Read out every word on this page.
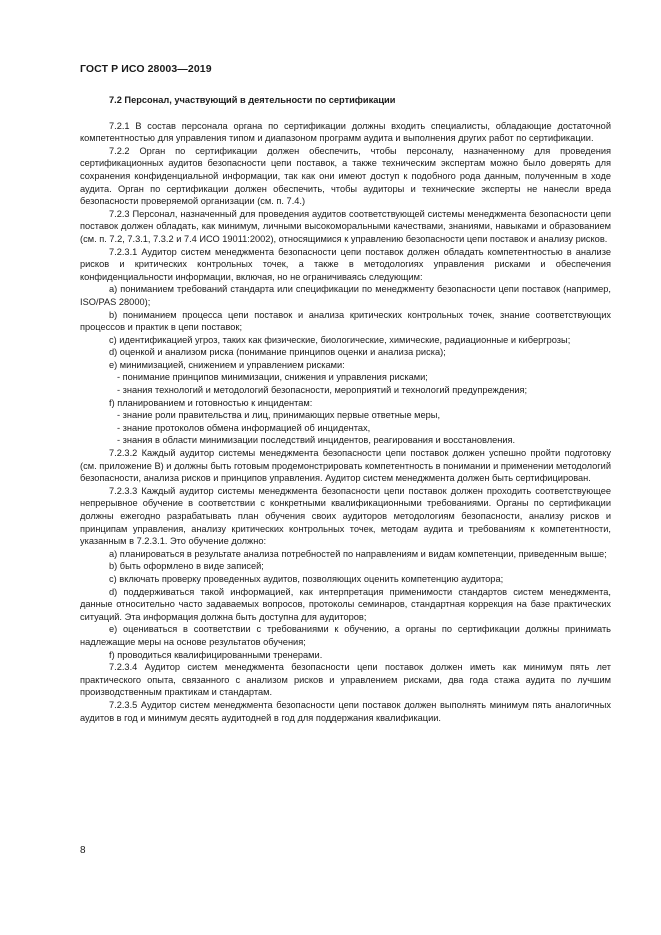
ГОСТ Р ИСО 28003—2019
7.2 Персонал, участвующий в деятельности по сертификации

7.2.1 В состав персонала органа по сертификации должны входить специалисты, обладающие достаточной компетентностью для управления типом и диапазоном программ аудита и выполнения других работ по сертификации.

7.2.2 Орган по сертификации должен обеспечить, чтобы персоналу, назначенному для проведения сертификационных аудитов безопасности цепи поставок, а также техническим экспертам можно было доверять для сохранения конфиденциальной информации, так как они имеют доступ к подобного рода данным, полученным в ходе аудита. Орган по сертификации должен обеспечить, чтобы аудиторы и технические эксперты не нанесли вреда безопасности проверяемой организации (см. п. 7.4.)

7.2.3 Персонал, назначенный для проведения аудитов соответствующей системы менеджмента безопасности цепи поставок должен обладать, как минимум, личными высокоморальными качествами, знаниями, навыками и образованием (см. п. 7.2, 7.3.1, 7.3.2 и 7.4 ИСО 19011:2002), относящимися к управлению безопасности цепи поставок и анализу рисков.

7.2.3.1 Аудитор систем менеджмента безопасности цепи поставок должен обладать компетентностью в анализе рисков и критических контрольных точек, а также в методологиях управления рисками и обеспечения конфиденциальности информации, включая, но не ограничиваясь следующим:

a) пониманием требований стандарта или спецификации по менеджменту безопасности цепи поставок (например, ISO/PAS 28000);

b) пониманием процесса цепи поставок и анализа критических контрольных точек, знание соответствующих процессов и практик в цепи поставок;

c) идентификацией угроз, таких как физические, биологические, химические, радиационные и кибергрозы;

d) оценкой и анализом риска (понимание принципов оценки и анализа риска);

e) минимизацией, снижением и управлением рисками:

- понимание принципов минимизации, снижения и управления рисками;

- знания технологий и методологий безопасности, мероприятий и технологий предупреждения;

f) планированием и готовностью к инцидентам:

- знание роли правительства и лиц, принимающих первые ответные меры,

- знание протоколов обмена информацией об инцидентах,

- знания в области минимизации последствий инцидентов, реагирования и восстановления.

7.2.3.2 Каждый аудитор системы менеджмента безопасности цепи поставок должен успешно пройти подготовку (см. приложение В) и должны быть готовым продемонстрировать компетентность в понимании и применении методологий безопасности, анализа рисков и принципов управления. Аудитор систем менеджмента должен быть сертифицирован.

7.2.3.3 Каждый аудитор системы менеджмента безопасности цепи поставок должен проходить соответствующее непрерывное обучение в соответствии с конкретными квалификационными требованиями. Органы по сертификации должны ежегодно разрабатывать план обучения своих аудиторов методологиям безопасности, анализу рисков и принципам управления, анализу критических контрольных точек, методам аудита и требованиям к компетентности, указанным в 7.2.3.1. Это обучение должно:

a) планироваться в результате анализа потребностей по направлениям и видам компетенции, приведенным выше;

b) быть оформлено в виде записей;

c) включать проверку проведенных аудитов, позволяющих оценить компетенцию аудитора;

d) поддерживаться такой информацией, как интерпретация применимости стандартов систем менеджмента, данные относительно часто задаваемых вопросов, протоколы семинаров, стандартная коррекция на базе практических ситуаций. Эта информация должна быть доступна для аудиторов;

e) оцениваться в соответствии с требованиями к обучению, а органы по сертификации должны принимать надлежащие меры на основе результатов обучения;

f) проводиться квалифицированными тренерами.

7.2.3.4 Аудитор систем менеджмента безопасности цепи поставок должен иметь как минимум пять лет практического опыта, связанного с анализом рисков и управлением рисками, два года стажа аудита по лучшим производственным практикам и стандартам.

7.2.3.5 Аудитор систем менеджмента безопасности цепи поставок должен выполнять минимум пять аналогичных аудитов в год и минимум десять аудитодней в год для поддержания квалификации.

8
